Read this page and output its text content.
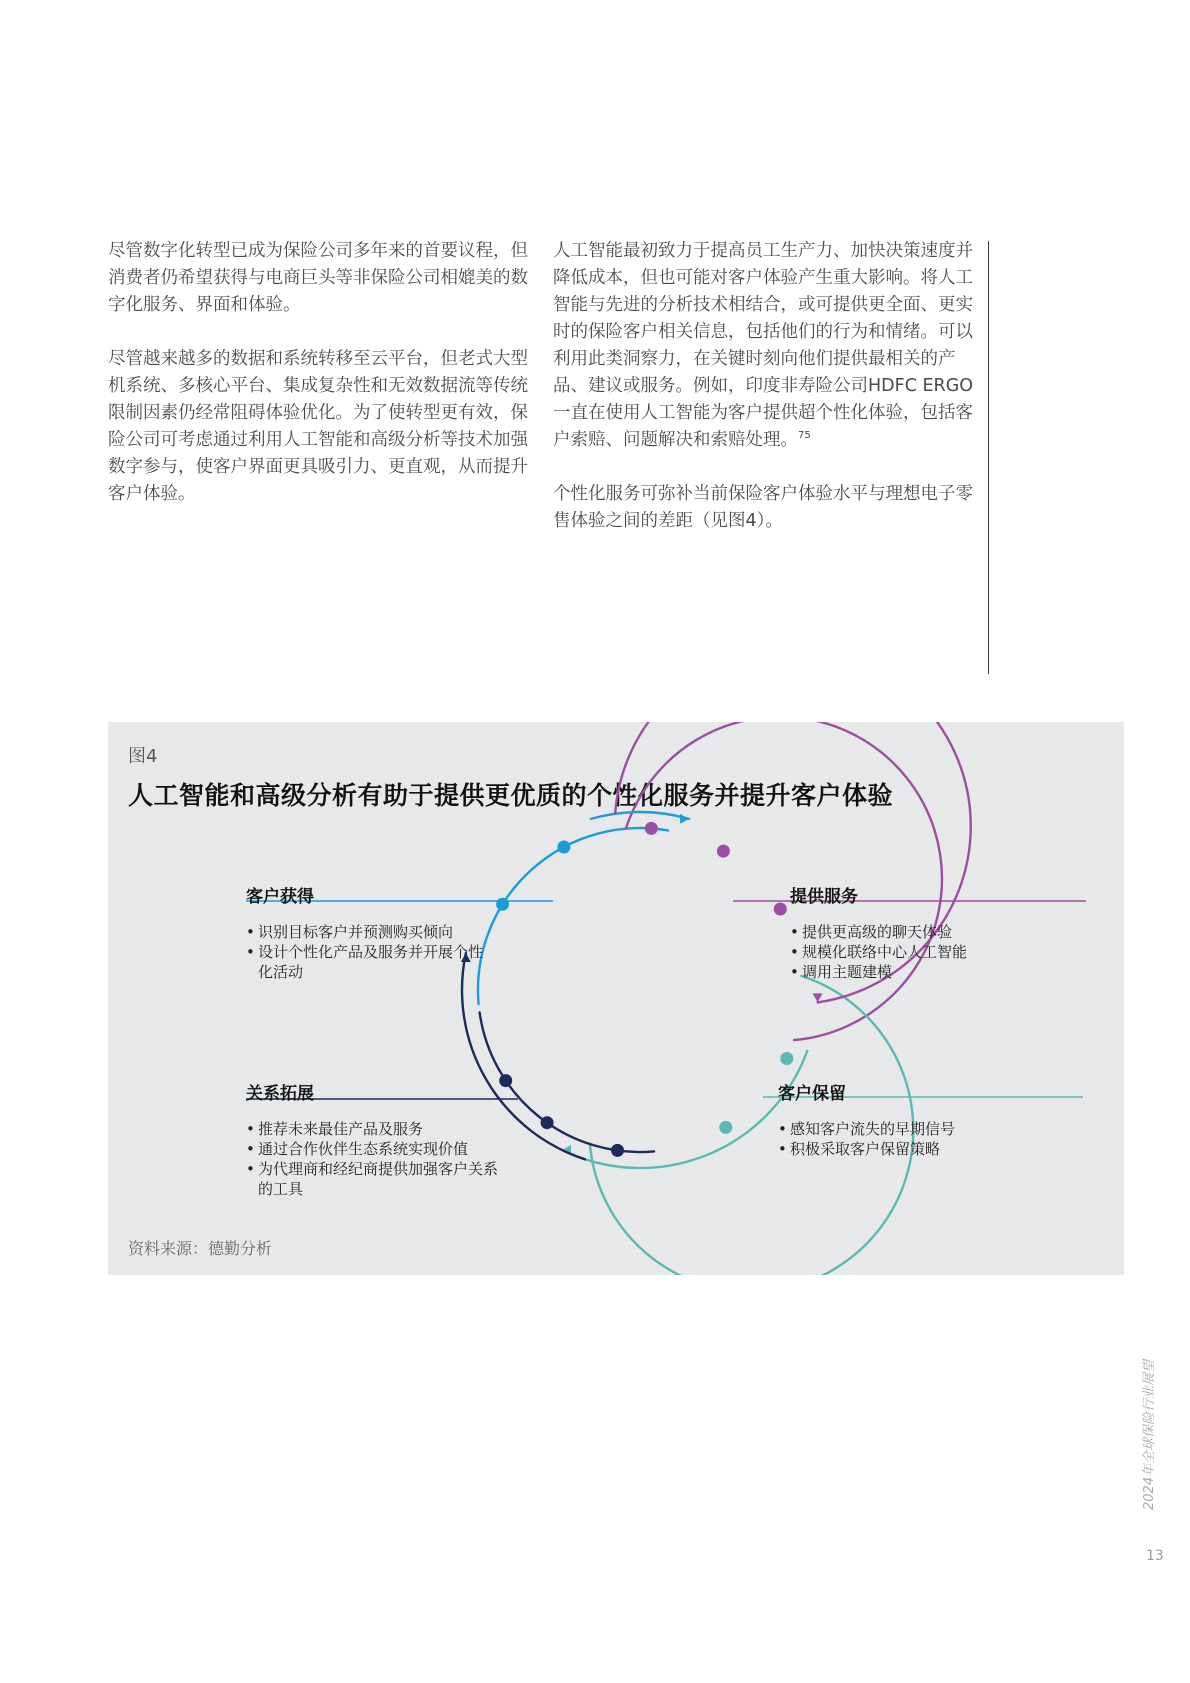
尽管数字化转型已成为保险公司多年来的首要议程，但消费者仍希望获得与电商巨头等非保险公司相媲美的数字化服务、界面和体验。

尽管越来越多的数据和系统转移至云平台，但老式大型机系统、多核心平台、集成复杂性和无效数据流等传统限制因素仍经常阻碍体验优化。为了使转型更有效，保险公司可考虑通过利用人工智能和高级分析等技术加强数字参与，使客户界面更具吸引力、更直观，从而提升客户体验。

人工智能最初致力于提高员工生产力、加快决策速度并降低成本，但也可能对客户体验产生重大影响。将人工智能与先进的分析技术相结合，或可提供更全面、更实时的保险客户相关信息，包括他们的行为和情绪。可以利用此类洞察力，在关键时刻向他们提供最相关的产品、建议或服务。例如，印度非寿险公司HDFC ERGO一直在使用人工智能为客户提供超个性化体验，包括客户索赔、问题解决和索赔处理。$^{75}$

个性化服务可弥补当前保险客户体验水平与理想电子零售体验之间的差距（见图4）。

图4
人工智能和高级分析有助于提供更优质的个性化服务并提升客户体验
客户获得
• 识别目标客户并预测购买倾向
• 设计个性化产品及服务并开展个性化活动
提供服务
• 提供更高级的聊天体验
• 规模化联络中心人工智能
• 调用主题建模
关系拓展
• 推荐未来最佳产品及服务
• 通过合作伙伴生态系统实现价值
• 为代理商和经纪商提供加强客户关系的工具
客户保留
• 感知客户流失的早期信号
• 积极采取客户保留策略
资料来源：德勤分析
2024年全球保险行业展望
13
